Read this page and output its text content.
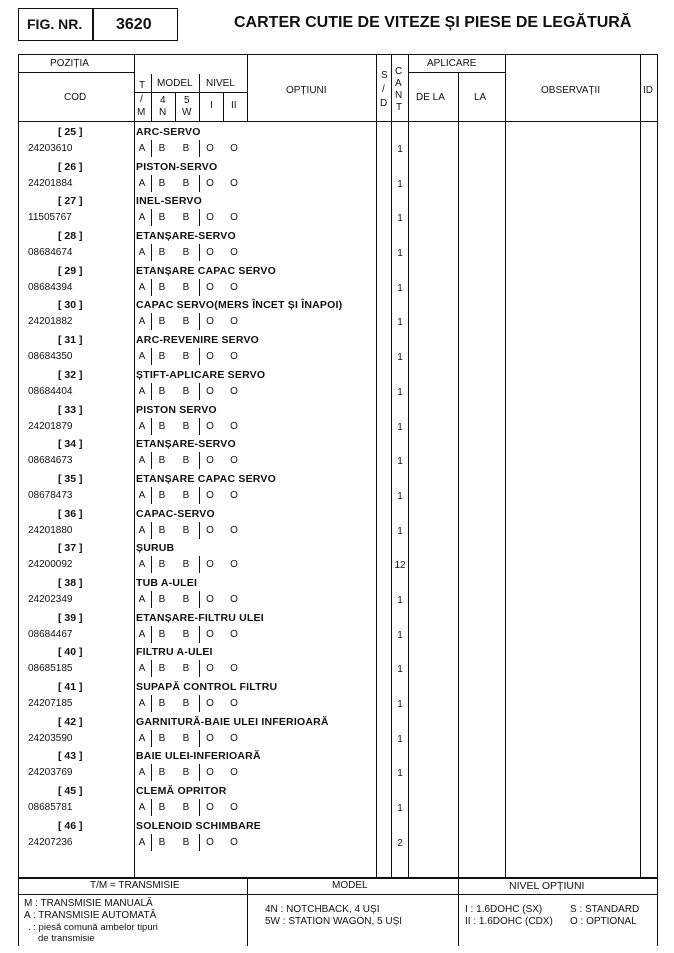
FIG. NR. 3620	CARTER CUTIE DE VITEZE ȘI PIESE DE LEGĂTURĂ
POZIȚIA
COD
T
/
M
MODEL
4
N
5
W
NIVEL
I II
OPȚIUNI
S
/
D
C
A
N
T
APLICARE
DE LA	LA
OBSERVAȚII	ID
[ 25 ]
24203610
ARC-SERVO
A	B	B	O	O	1
[ 26 ]
24201884
PISTON-SERVO
A	B	B	O	O	1
[ 27 ]
11505767
INEL-SERVO
A	B	B	O	O	1
[ 28 ]
08684674
ETANȘARE-SERVO
A	B	B	O	O	1
[ 29 ]
08684394
ETANȘARE CAPAC SERVO
A	B	B	O	O	1
[ 30 ]
24201882
CAPAC SERVO(MERS ÎNCET ȘI ÎNAPOI)
A	B	B	O	O	1
[ 31 ]
08684350
ARC-REVENIRE SERVO
A	B	B	O	O	1
[ 32 ]
08684404
ȘTIFT-APLICARE SERVO
A	B	B	O	O	1
[ 33 ]
24201879
PISTON SERVO
A	B	B	O	O	1
[ 34 ]
08684673
ETANȘARE-SERVO
A	B	B	O	O	1
[ 35 ]
08678473
ETANȘARE CAPAC SERVO
A	B	B	O	O	1
[ 36 ]
24201880
CAPAC-SERVO
A	B	B	O	O	1
[ 37 ]
24200092
ȘURUB
A	B	B	O	O	12
[ 38 ]
24202349
TUB A-ULEI
A	B	B	O	O	1
[ 39 ]
08684467
ETANȘARE-FILTRU ULEI
A	B	B	O	O	1
[ 40 ]
08685185
FILTRU A-ULEI
A	B	B	O	O	1
[ 41 ]
24207185
SUPAPĂ CONTROL FILTRU
A	B	B	O	O	1
[ 42 ]
24203590
GARNITURĂ-BAIE ULEI INFERIOARĂ
A	B	B	O	O	1
[ 43 ]
24203769
BAIE ULEI-INFERIOARĂ
A	B	B	O	O	1
[ 45 ]
08685781
CLEMĂ OPRITOR
A	B	B	O	O	1
[ 46 ]
24207236
SOLENOID SCHIMBARE
A	B	B	O	O	2
T/M = TRANSMISIE
M : TRANSMISIE MANUALĂ
A : TRANSMISIE AUTOMATĂ
. : piesă comună ambelor tipuri
de transmisie
MODEL
4N : NOTCHBACK, 4 UȘI
5W : STATION WAGON, 5 UȘI
NIVEL OPȚIUNI
I : 1.6DOHC (SX)
II : 1.6DOHC (CDX)
S : STANDARD
O : OPTIONAL
